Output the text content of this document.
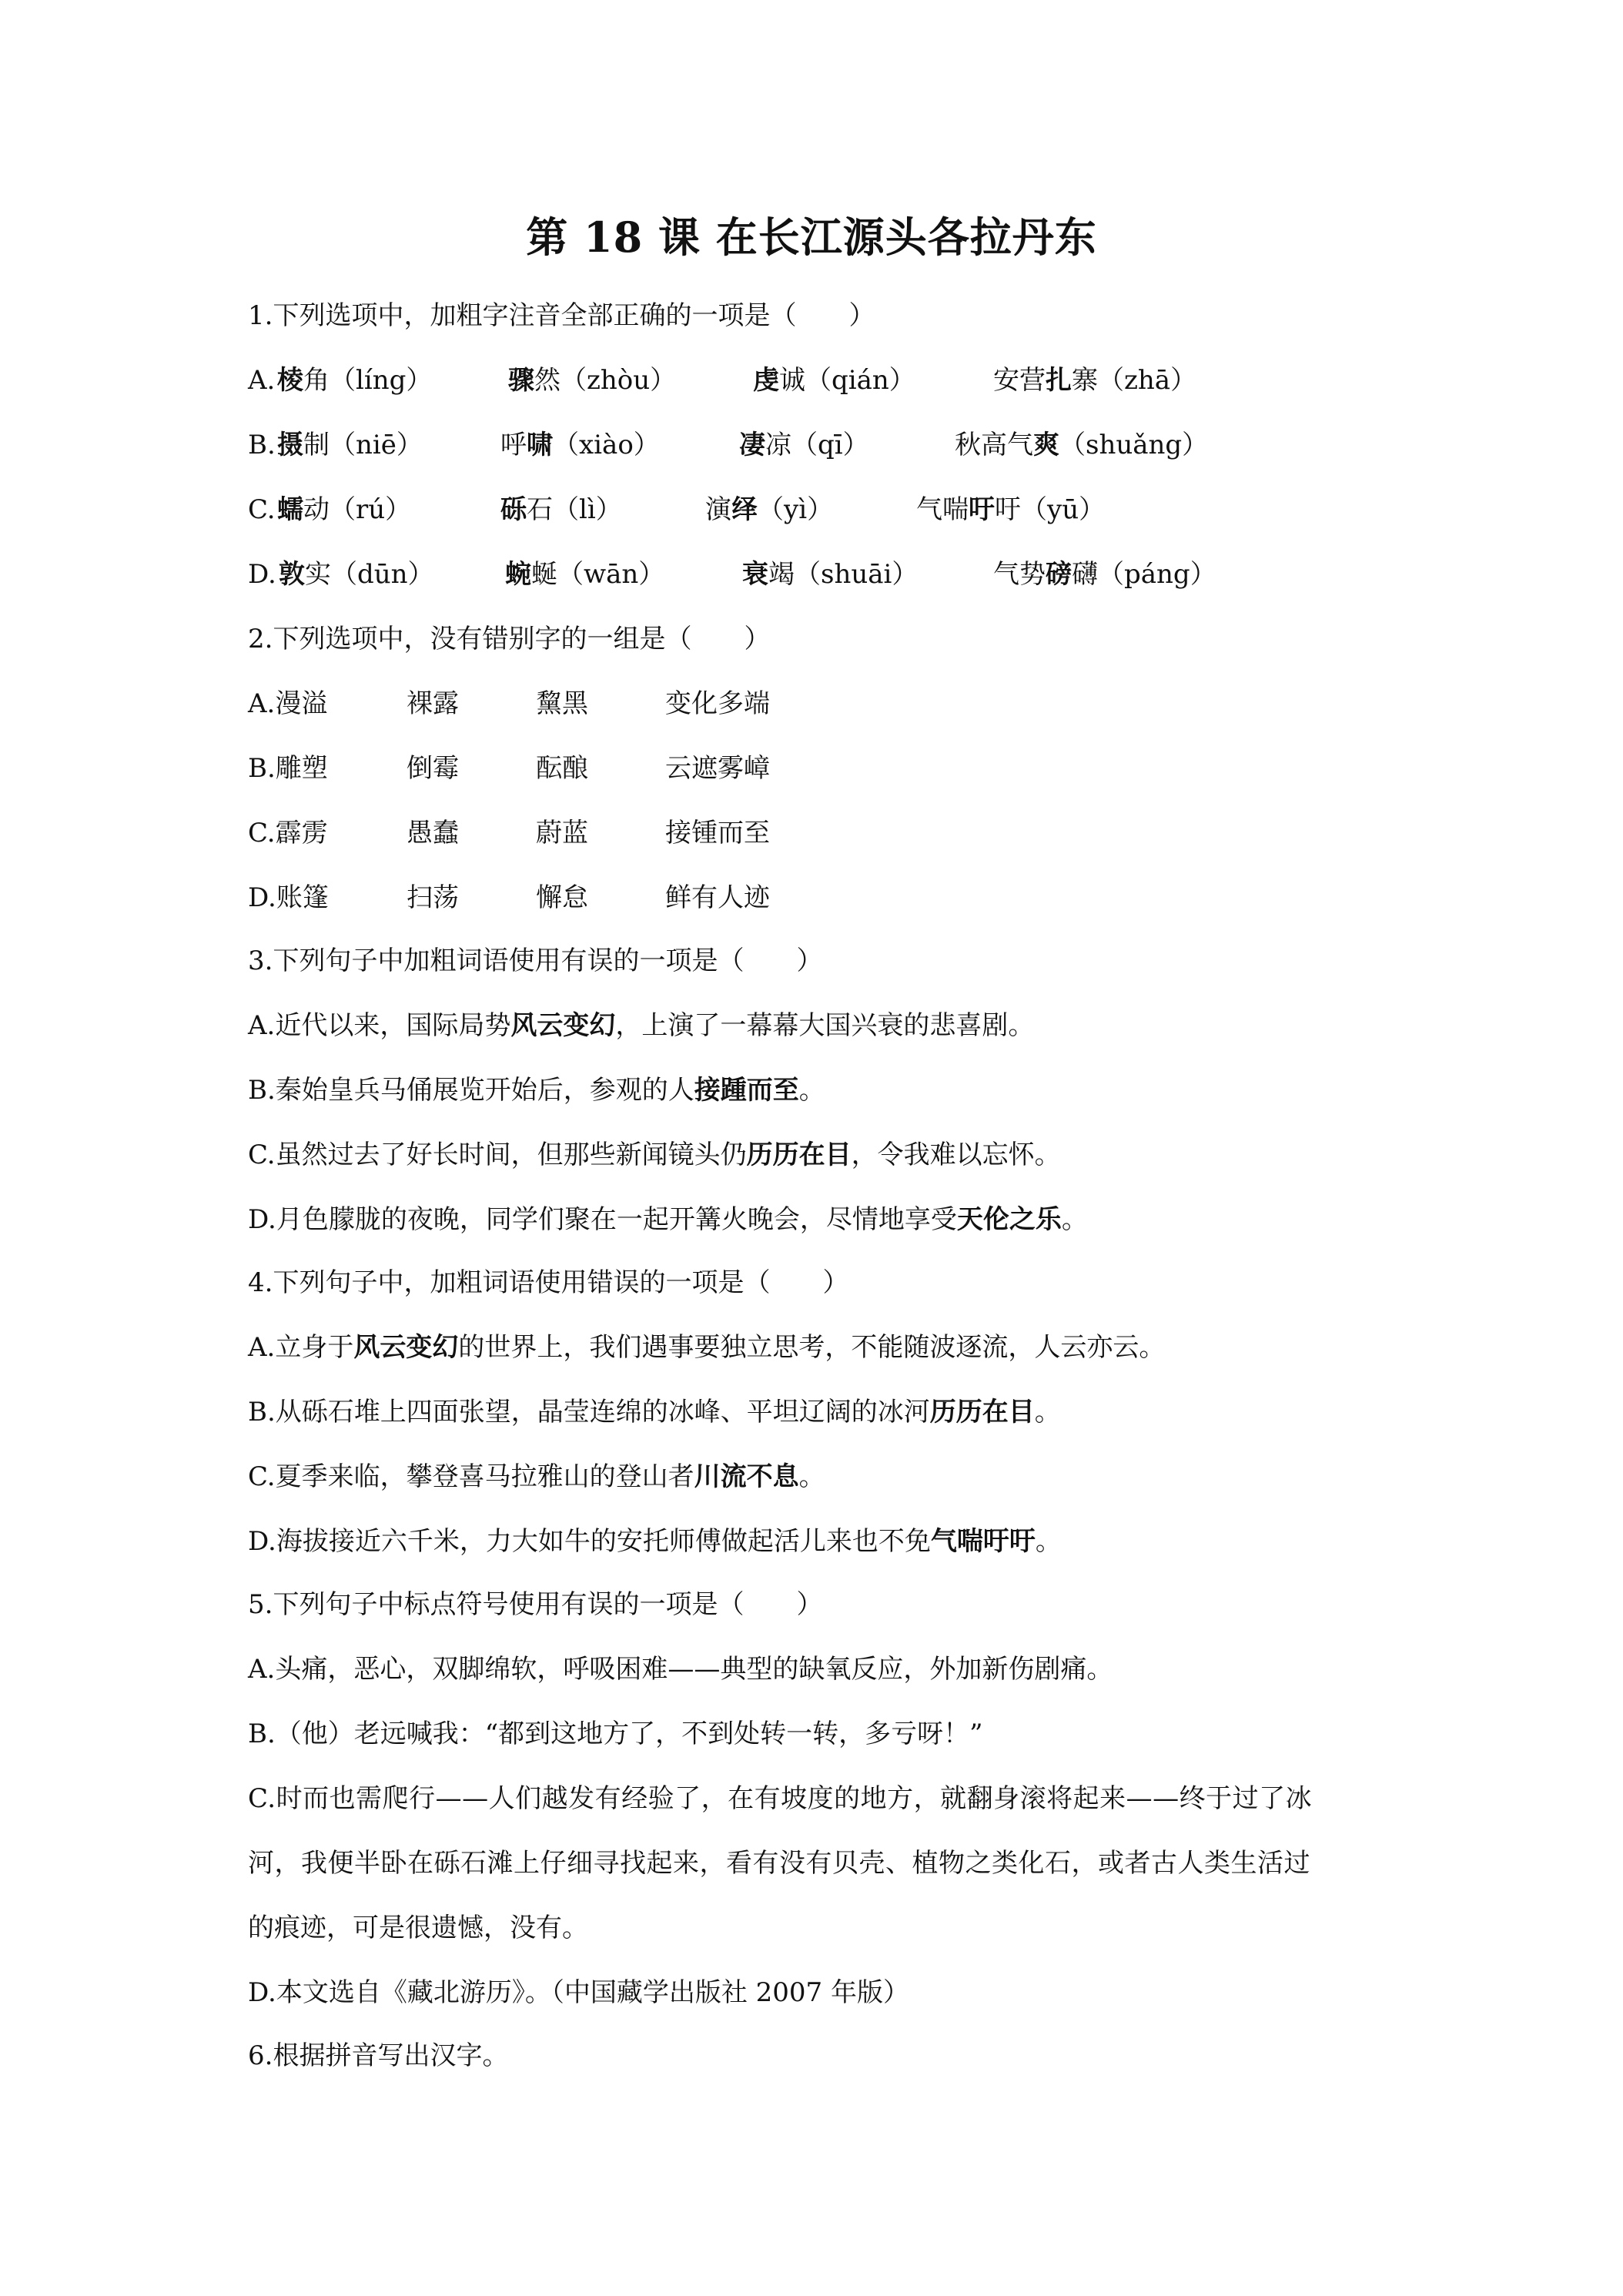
第 18 课 在长江源头各拉丹东
1.下列选项中，加粗字注音全部正确的一项是（　　）
A. 棱角（líng）	骤然（zhòu）	虔诚（qián）	安营扎寨（zhā）
B. 摄制（niē）	呼啸（xiào）	凄凉（qī）	秋高气爽（shuǎng）
C. 蠕动（rú）	砾石（lì）	演绎（yì）	气喘吁吁（yū）
D. 敦实（dūn）	蜿蜒（wān）	衰竭（shuāi）	气势磅礴（páng）
2.下列选项中，没有错别字的一组是（　　）
A.漫溢	裸露	黧黑	变化多端
B.雕塑	倒霉	酝酿	云遮雾嶂
C.霹雳	愚蠢	蔚蓝	接锺而至
D.账篷	扫荡	懈怠	鲜有人迹
3.下列句子中加粗词语使用有误的一项是（　　）
A.近代以来，国际局势风云变幻，上演了一幕幕大国兴衰的悲喜剧。
B.秦始皇兵马俑展览开始后，参观的人接踵而至。
C.虽然过去了好长时间，但那些新闻镜头仍历历在目，令我难以忘怀。
D.月色朦胧的夜晚，同学们聚在一起开篝火晚会，尽情地享受天伦之乐。
4.下列句子中，加粗词语使用错误的一项是（　　）
A.立身于风云变幻的世界上，我们遇事要独立思考，不能随波逐流，人云亦云。
B.从砾石堆上四面张望，晶莹连绵的冰峰、平坦辽阔的冰河历历在目。
C.夏季来临，攀登喜马拉雅山的登山者川流不息。
D.海拔接近六千米，力大如牛的安托师傅做起活儿来也不免气喘吁吁。
5.下列句子中标点符号使用有误的一项是（　　）
A.头痛，恶心，双脚绵软，呼吸困难——典型的缺氧反应，外加新伤剧痛。
B.（他）老远喊我：“都到这地方了，不到处转一转，多亏呀！”
C.时而也需爬行——人们越发有经验了，在有坡度的地方，就翻身滚将起来——终于过了冰
河，我便半卧在砾石滩上仔细寻找起来，看有没有贝壳、植物之类化石，或者古人类生活过
的痕迹，可是很遗憾，没有。
D.本文选自《藏北游历》。（中国藏学出版社 2007 年版）
6.根据拼音写出汉字。
